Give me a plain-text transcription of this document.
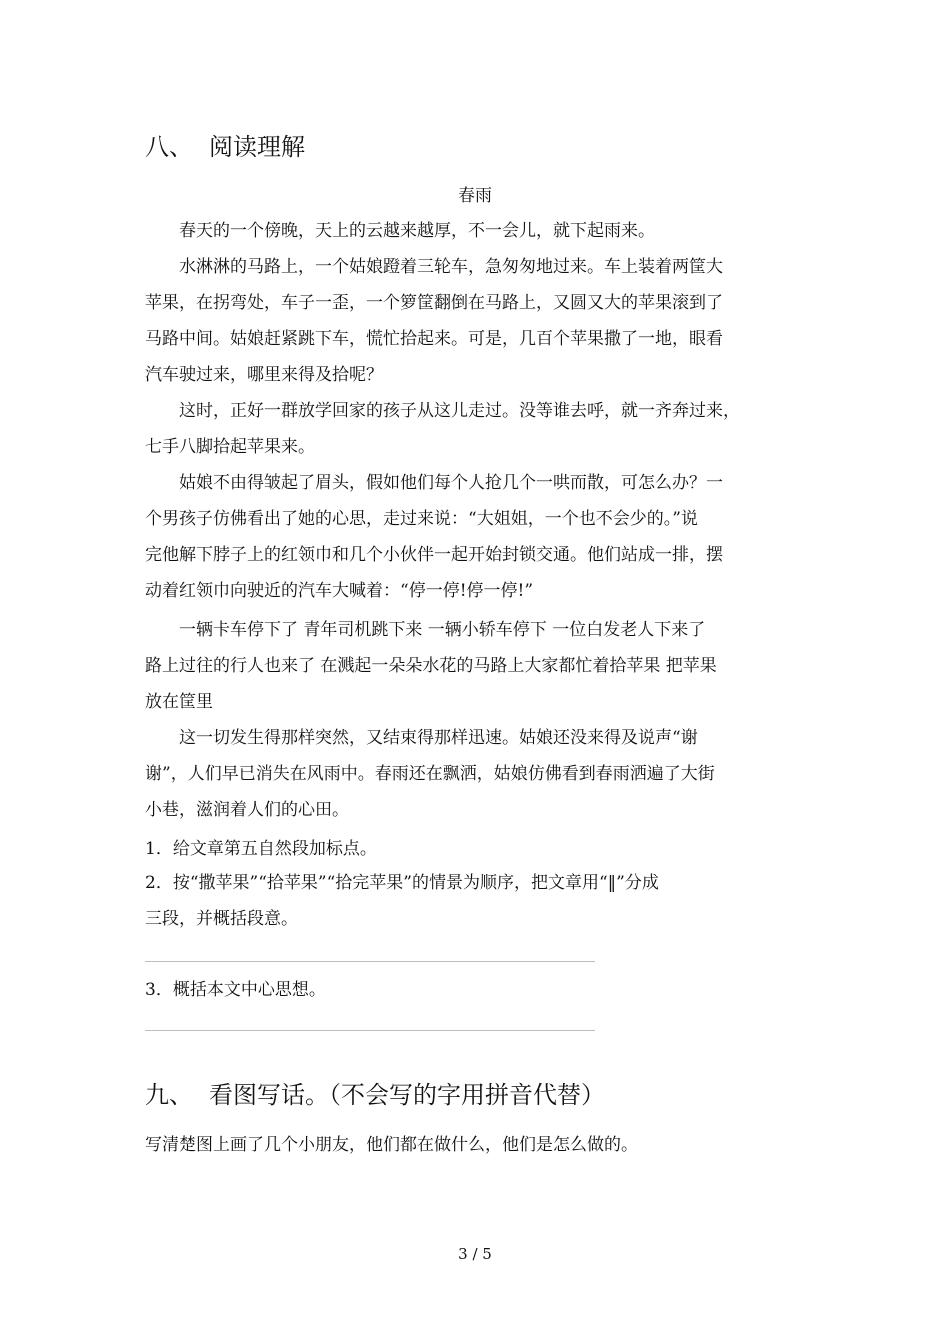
八、 阅读理解
春雨
春天的一个傍晚，天上的云越来越厚，不一会儿，就下起雨来。
水淋淋的马路上，一个姑娘蹬着三轮车，急匆匆地过来。车上装着两筐大
苹果，在拐弯处，车子一歪，一个箩筐翻倒在马路上，又圆又大的苹果滚到了
马路中间。姑娘赶紧跳下车，慌忙拾起来。可是，几百个苹果撒了一地，眼看
汽车驶过来，哪里来得及拾呢？
这时，正好一群放学回家的孩子从这儿走过。没等谁去呼，就一齐奔过来，
七手八脚拾起苹果来。
姑娘不由得皱起了眉头，假如他们每个人抢几个一哄而散，可怎么办？一
个男孩子仿佛看出了她的心思，走过来说：“大姐姐，一个也不会少的。”说
完他解下脖子上的红领巾和几个小伙伴一起开始封锁交通。他们站成一排，摆
动着红领巾向驶近的汽车大喊着：“停一停!停一停!”
一辆卡车停下了 青年司机跳下来 一辆小轿车停下 一位白发老人下来了
路上过往的行人也来了 在溅起一朵朵水花的马路上大家都忙着拾苹果 把苹果
放在筐里
这一切发生得那样突然，又结束得那样迅速。姑娘还没来得及说声“谢
谢”，人们早已消失在风雨中。春雨还在飘洒，姑娘仿佛看到春雨洒遍了大街
小巷，滋润着人们的心田。
1．给文章第五自然段加标点。
2．按“撒苹果”“拾苹果”“拾完苹果”的情景为顺序，把文章用“‖”分成
三段，并概括段意。
3．概括本文中心思想。
九、 看图写话。（不会写的字用拼音代替）
写清楚图上画了几个小朋友，他们都在做什么，他们是怎么做的。
3 / 5
